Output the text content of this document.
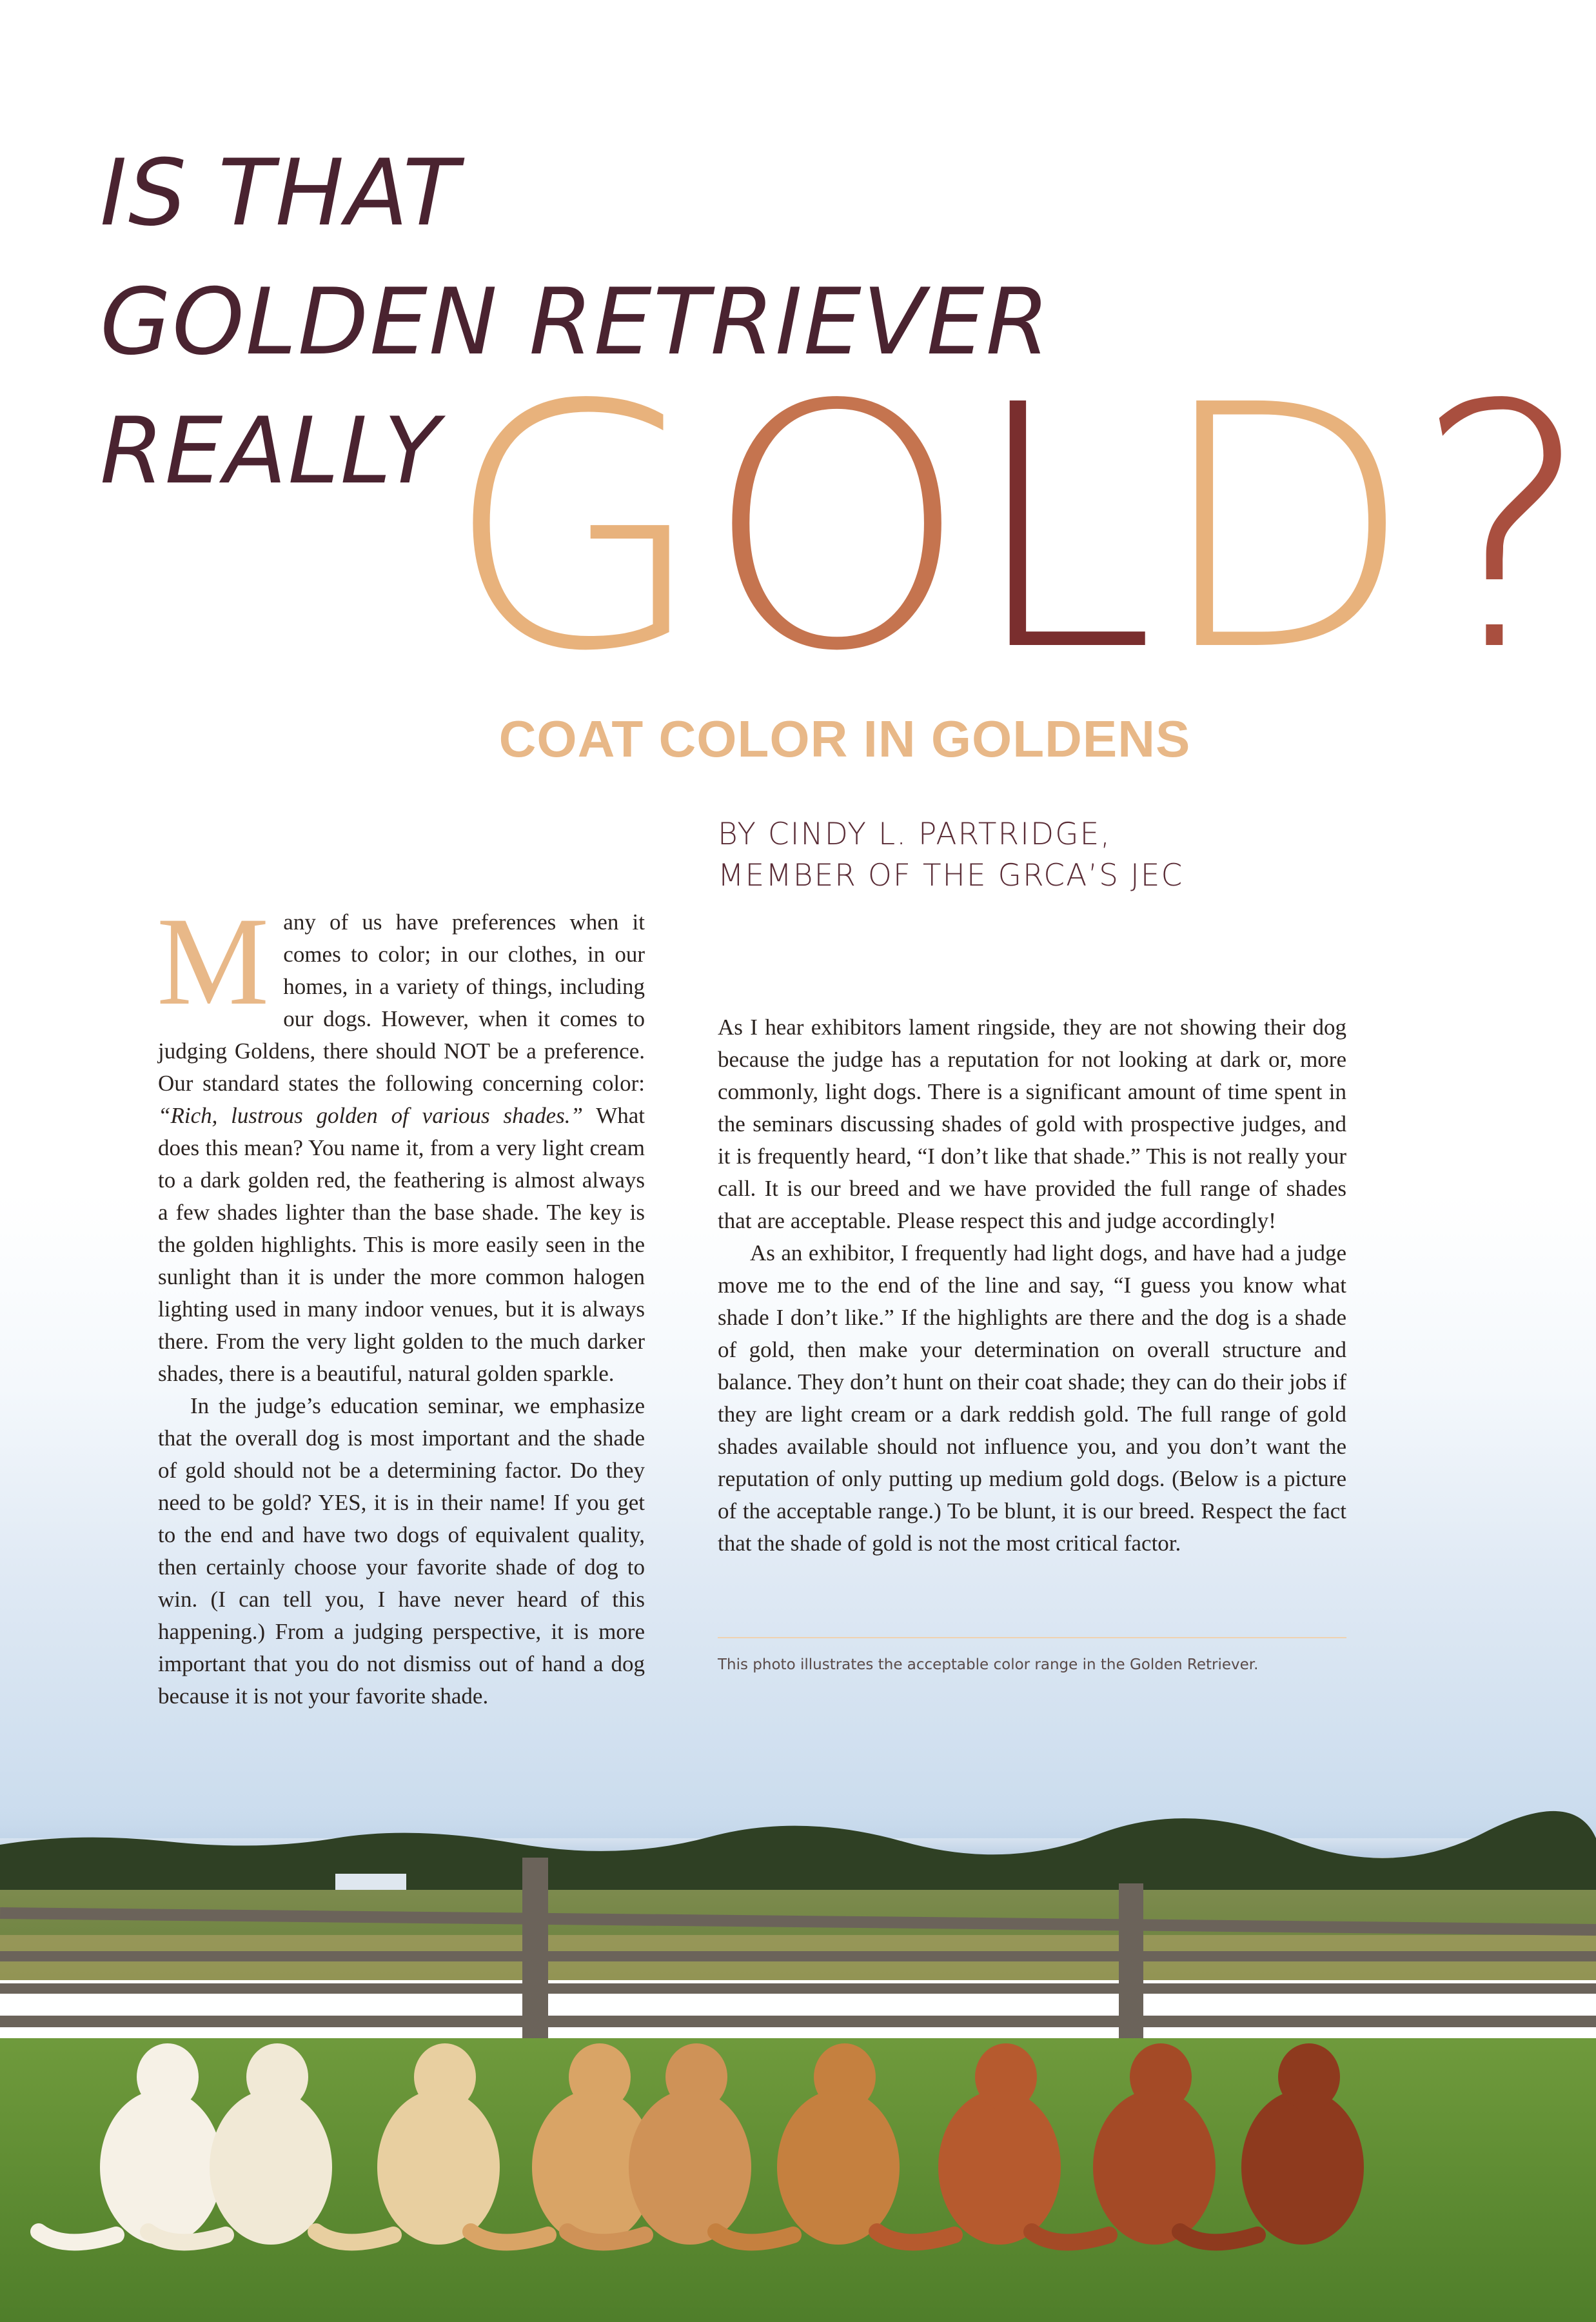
IS THAT
GOLDEN RETRIEVER
REALLY GOLD?
COAT COLOR IN GOLDENS
BY CINDY L. PARTRIDGE,
MEMBER OF THE GRCA’S JEC

Many of us have preferences when it comes to color; in our clothes, in our homes, in a variety of things, including our dogs. However, when it comes to judging Goldens, there should NOT be a preference. Our standard states the following concerning color: “Rich, lustrous golden of various shades.” What does this mean? You name it, from a very light cream to a dark golden red, the feathering is almost always a few shades lighter than the base shade. The key is the golden highlights. This is more easily seen in the sunlight than it is under the more common halogen lighting used in many indoor venues, but it is always there. From the very light golden to the much darker shades, there is a beautiful, natural golden sparkle.

In the judge’s education seminar, we emphasize that the overall dog is most important and the shade of gold should not be a determining factor. Do they need to be gold? YES, it is in their name! If you get to the end and have two dogs of equivalent quality, then certainly choose your favorite shade of dog to win. (I can tell you, I have never heard of this happening.) From a judging perspective, it is more important that you do not dismiss out of hand a dog because it is not your favorite shade.

As I hear exhibitors lament ringside, they are not showing their dog because the judge has a reputation for not looking at dark or, more commonly, light dogs. There is a significant amount of time spent in the seminars discussing shades of gold with prospective judges, and it is frequently heard, “I don’t like that shade.” This is not really your call. It is our breed and we have provided the full range of shades that are acceptable. Please respect this and judge accordingly!

As an exhibitor, I frequently had light dogs, and have had a judge move me to the end of the line and say, “I guess you know what shade I don’t like.” If the highlights are there and the dog is a shade of gold, then make your determination on overall structure and balance. They don’t hunt on their coat shade; they can do their jobs if they are light cream or a dark reddish gold. The full range of gold shades available should not influence you, and you don’t want the reputation of only putting up medium gold dogs. (Below is a picture of the acceptable range.) To be blunt, it is our breed. Respect the fact that the shade of gold is not the most critical factor.

This photo illustrates the acceptable color range in the Golden Retriever.
